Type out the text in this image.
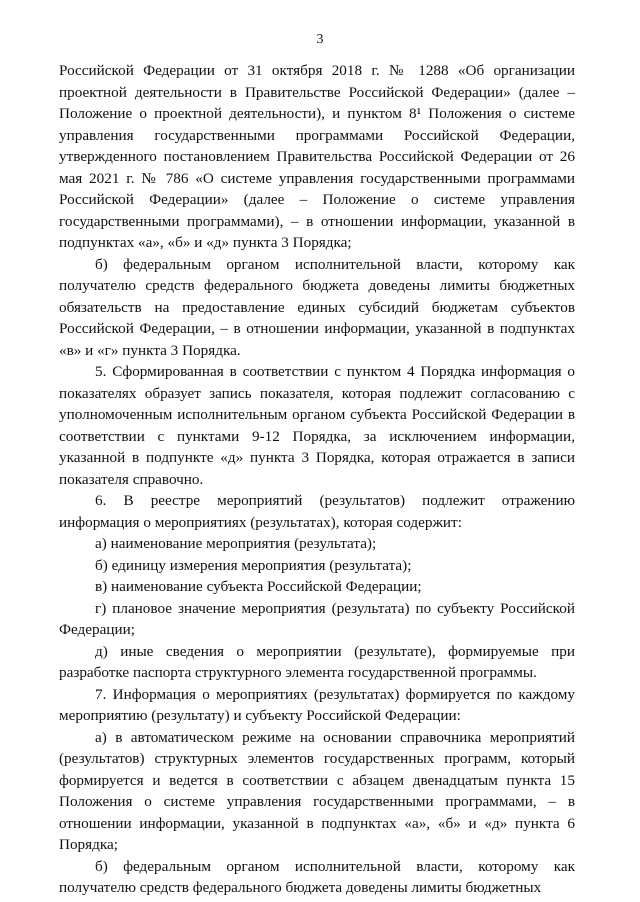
3

Российской Федерации от 31 октября 2018 г. № 1288 «Об организации проектной деятельности в Правительстве Российской Федерации» (далее – Положение о проектной деятельности), и пунктом 8¹ Положения о системе управления государственными программами Российской Федерации, утвержденного постановлением Правительства Российской Федерации от 26 мая 2021 г. № 786 «О системе управления государственными программами Российской Федерации» (далее – Положение о системе управления государственными программами), – в отношении информации, указанной в подпунктах «а», «б» и «д» пункта 3 Порядка;

б) федеральным органом исполнительной власти, которому как получателю средств федерального бюджета доведены лимиты бюджетных обязательств на предоставление единых субсидий бюджетам субъектов Российской Федерации, – в отношении информации, указанной в подпунктах «в» и «г» пункта 3 Порядка.

5. Сформированная в соответствии с пунктом 4 Порядка информация о показателях образует запись показателя, которая подлежит согласованию с уполномоченным исполнительным органом субъекта Российской Федерации в соответствии с пунктами 9-12 Порядка, за исключением информации, указанной в подпункте «д» пункта 3 Порядка, которая отражается в записи показателя справочно.

6. В реестре мероприятий (результатов) подлежит отражению информация о мероприятиях (результатах), которая содержит:

а) наименование мероприятия (результата);

б) единицу измерения мероприятия (результата);

в) наименование субъекта Российской Федерации;

г) плановое значение мероприятия (результата) по субъекту Российской Федерации;

д) иные сведения о мероприятии (результате), формируемые при разработке паспорта структурного элемента государственной программы.

7. Информация о мероприятиях (результатах) формируется по каждому мероприятию (результату) и субъекту Российской Федерации:

а) в автоматическом режиме на основании справочника мероприятий (результатов) структурных элементов государственных программ, который формируется и ведется в соответствии с абзацем двенадцатым пункта 15 Положения о системе управления государственными программами, – в отношении информации, указанной в подпунктах «а», «б» и «д» пункта 6 Порядка;

б) федеральным органом исполнительной власти, которому как получателю средств федерального бюджета доведены лимиты бюджетных
